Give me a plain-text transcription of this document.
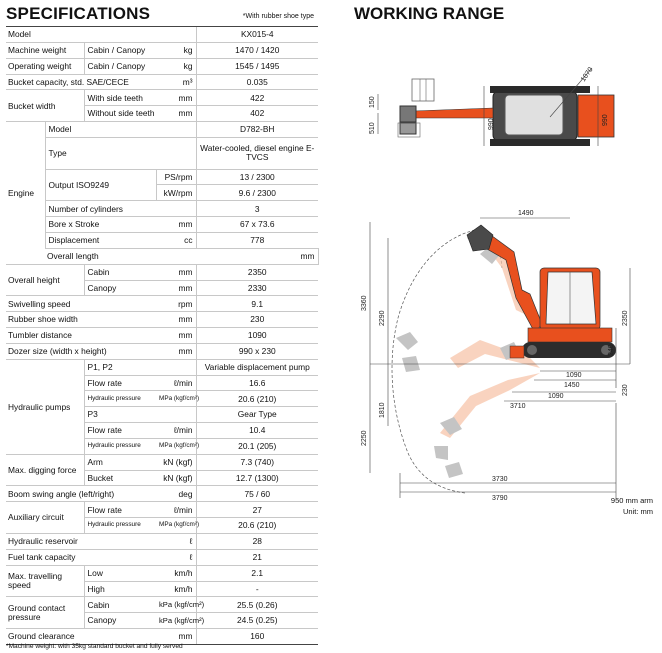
SPECIFICATIONS	*With rubber shoe type
Model				KX015-4	
Machine weight		Cabin / Canopy	kg	1470 / 1420	
Operating weight		Cabin / Canopy	kg	1545 / 1495	
Bucket capacity, std. SAE/CECE			m³	0.035	
Bucket width		With side teeth	mm	422	
		Without side teeth	mm	402	
Engine	Model			D782-BH	
	Type			Water-cooled, diesel engine E-TVCS	
	Output ISO9249		PS/rpm	13 / 2300	
			kW/rpm	9.6 / 2300	
	Number of cylinders			3	
	Bore x Stroke		mm	67 x 73.6	
	Displacement		cc	778	
	Overall length			mm	
Overall height		Cabin	mm	2350	
		Canopy	mm	2330	
Swivelling speed			rpm	9.1	
Rubber shoe width			mm	230	
Tumbler distance			mm	1090	
Dozer size (width x height)			mm	990 x 230	
Hydraulic pumps		P1, P2		Variable displacement pump	
		Flow rate	ℓ/min	16.6	
		Hydraulic pressure	MPa (kgf/cm²)	20.6 (210)	
		P3		Gear Type	
		Flow rate	ℓ/min	10.4	
		Hydraulic pressure	MPa (kgf/cm²)	20.1 (205)	
Max. digging force		Arm	kN (kgf)	7.3 (740)	
		Bucket	kN (kgf)	12.7 (1300)	
Boom swing angle (left/right)			deg	75 / 60	
Auxiliary circuit		Flow rate	ℓ/min	27	
		Hydraulic pressure	MPa (kgf/cm²)	20.6 (210)	
Hydraulic reservoir			ℓ	28	
Fuel tank capacity			ℓ	21	
Max. travelling speed		Low	km/h	2.1	
		High	km/h	-	
Ground contact pressure		Cabin	kPa (kgf/cm²)	25.5 (0.26)	
		Canopy	kPa (kgf/cm²)	24.5 (0.25)	
Ground clearance			mm	160	
*Machine weight: with 35kg standard bucket and fully served
WORKING RANGE
1070
150
510	990	990
1490
3360
2290	2350
240
1090
1450
1090
3710
1810
230
2250
3730
3790	950 mm arm
Unit: mm
